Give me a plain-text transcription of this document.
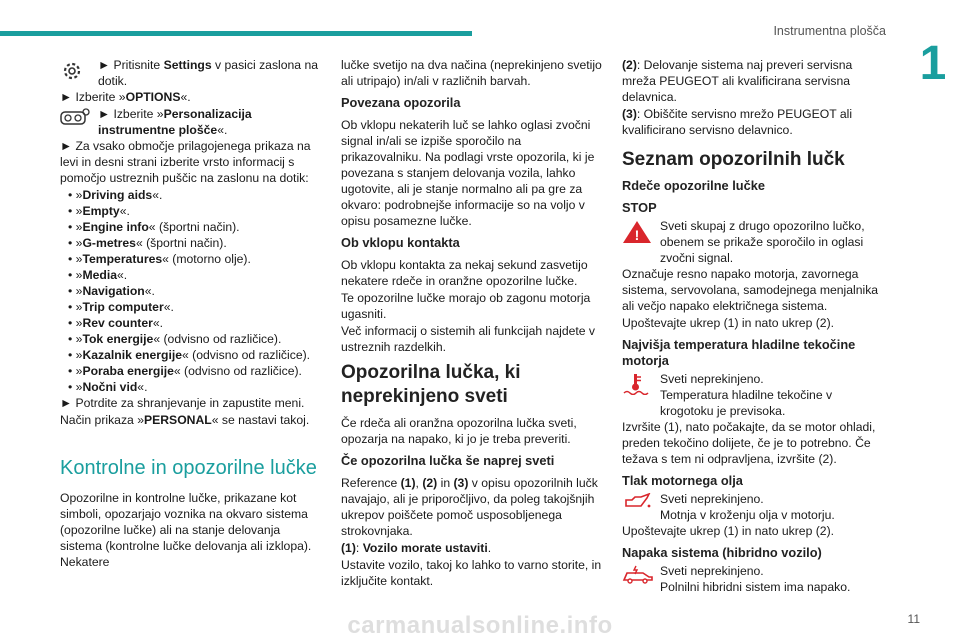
Instrumentna plošča
1
► Pritisnite Settings v pasici zaslona na dotik.
► Izberite »OPTIONS«.
► Izberite »Personalizacija instrumentne plošče«.
► Za vsako območje prilagojenega prikaza na levi in desni strani izberite vrsto informacij s pomočjo ustreznih puščic na zaslonu na dotik:
• »Driving aids«.
• »Empty«.
• »Engine info« (športni način).
• »G-metres« (športni način).
• »Temperatures« (motorno olje).
• »Media«.
• »Navigation«.
• »Trip computer«.
• »Rev counter«.
• »Tok energije« (odvisno od različice).
• »Kazalnik energije« (odvisno od različice).
• »Poraba energije« (odvisno od različice).
• »Nočni vid«.
► Potrdite za shranjevanje in zapustite meni.
Način prikaza »PERSONAL« se nastavi takoj.
Kontrolne in opozorilne lučke
Opozorilne in kontrolne lučke, prikazane kot simboli, opozarjajo voznika na okvaro sistema (opozorilne lučke) ali na stanje delovanja sistema (kontrolne lučke delovanja ali izklopa). Nekatere
lučke svetijo na dva načina (neprekinjeno svetijo ali utripajo) in/ali v različnih barvah.
Povezana opozorila
Ob vklopu nekaterih luč se lahko oglasi zvočni signal in/ali se izpiše sporočilo na prikazovalniku. Na podlagi vrste opozorila, ki je povezana s stanjem delovanja vozila, lahko ugotovite, ali je stanje normalno ali pa gre za okvaro: podrobnejše informacije so na voljo v opisu posamezne lučke.
Ob vklopu kontakta
Ob vklopu kontakta za nekaj sekund zasvetijo nekatere rdeče in oranžne opozorilne lučke.
Te opozorilne lučke morajo ob zagonu motorja ugasniti.
Več informacij o sistemih ali funkcijah najdete v ustreznih razdelkih.
Opozorilna lučka, ki neprekinjeno sveti
Če rdeča ali oranžna opozorilna lučka sveti, opozarja na napako, ki jo je treba preveriti.
Če opozorilna lučka še naprej sveti
Reference (1), (2) in (3) v opisu opozorilnih lučk navajajo, ali je priporočljivo, da poleg takojšnjih ukrepov poiščete pomoč usposobljenega strokovnjaka.
(1): Vozilo morate ustaviti.
Ustavite vozilo, takoj ko lahko to varno storite, in izključite kontakt.
(2): Delovanje sistema naj preveri servisna mreža PEUGEOT ali kvalificirana servisna delavnica.
(3): Obiščite servisno mrežo PEUGEOT ali kvalificirano servisno delavnico.
Seznam opozorilnih lučk
Rdeče opozorilne lučke
STOP
!
Sveti skupaj z drugo opozorilno lučko, obenem se prikaže sporočilo in oglasi zvočni signal.
Označuje resno napako motorja, zavornega sistema, servovolana, samodejnega menjalnika ali večjo napako električnega sistema.
Upoštevajte ukrep (1) in nato ukrep (2).
Najvišja temperatura hladilne tekočine motorja
Sveti neprekinjeno.
Temperatura hladilne tekočine v krogotoku je previsoka.
Izvršite (1), nato počakajte, da se motor ohladi, preden tekočino dolijete, če je to potrebno. Če težava s tem ni odpravljena, izvršite (2).
Tlak motornega olja
Sveti neprekinjeno.
Motnja v kroženju olja v motorju.
Upoštevajte ukrep (1) in nato ukrep (2).
Napaka sistema (hibridno vozilo)
Sveti neprekinjeno.
Polnilni hibridni sistem ima napako.
carmanualsonline.info	11
